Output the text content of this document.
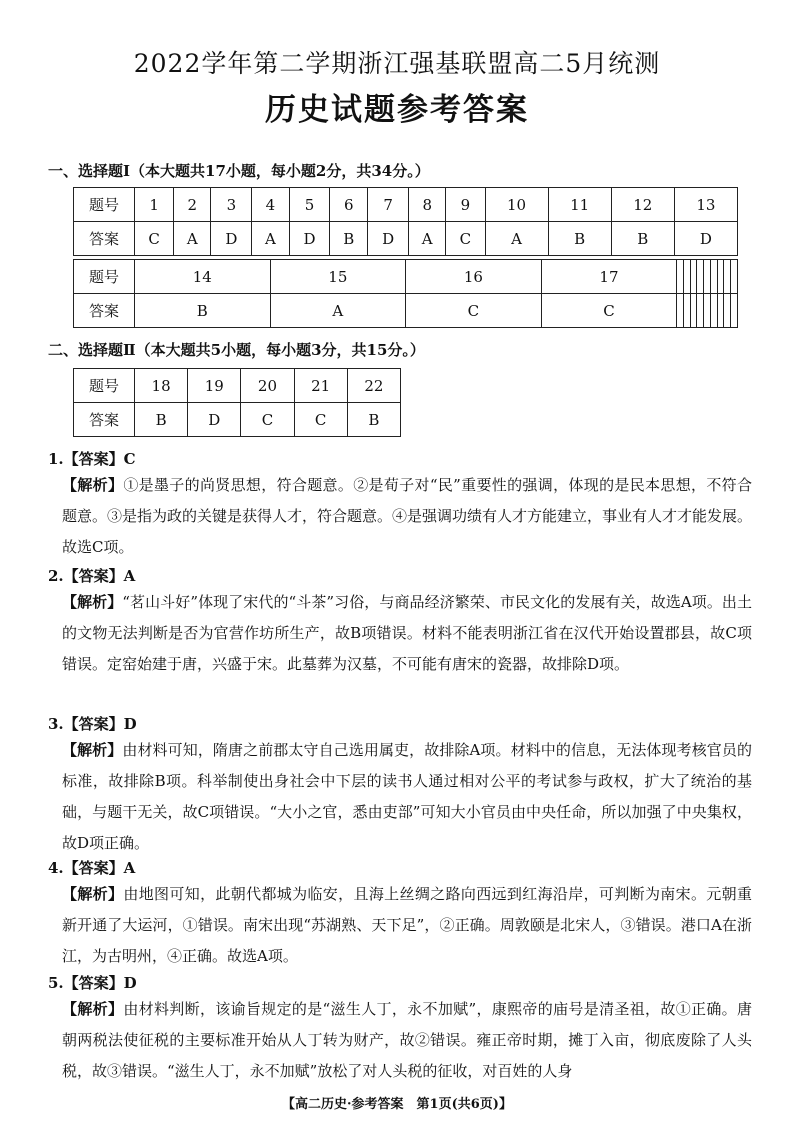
2022学年第二学期浙江强基联盟高二5月统测
历史试题参考答案
一、选择题Ⅰ（本大题共17小题，每小题2分，共34分。）
题号	1	2	3	4	5	6	7	8	9	10	11	12	13
答案	C	A	D	A	D	B	D	A	C	A	B	B	D
题号	14	15	16	17									
答案	B	A	C	C									
二、选择题Ⅱ（本大题共5小题，每小题3分，共15分。）
题号	18	19	20	21	22
答案	B	D	C	C	B
1.【答案】C
【解析】①是墨子的尚贤思想，符合题意。②是荀子对“民”重要性的强调，体现的是民本思想，不符合题意。③是指为政的关键是获得人才，符合题意。④是强调功绩有人才方能建立，事业有人才才能发展。故选C项。
2.【答案】A
【解析】“茗山斗好”体现了宋代的“斗茶”习俗，与商品经济繁荣、市民文化的发展有关，故选A项。出土的文物无法判断是否为官营作坊所生产，故B项错误。材料不能表明浙江省在汉代开始设置郡县，故C项错误。定窑始建于唐，兴盛于宋。此墓葬为汉墓，不可能有唐宋的瓷器，故排除D项。
3.【答案】D
【解析】由材料可知，隋唐之前郡太守自己选用属吏，故排除A项。材料中的信息，无法体现考核官员的标准，故排除B项。科举制使出身社会中下层的读书人通过相对公平的考试参与政权，扩大了统治的基础，与题干无关，故C项错误。“大小之官，悉由吏部”可知大小官员由中央任命，所以加强了中央集权，故D项正确。
4.【答案】A
【解析】由地图可知，此朝代都城为临安，且海上丝绸之路向西远到红海沿岸，可判断为南宋。元朝重新开通了大运河，①错误。南宋出现“苏湖熟、天下足”，②正确。周敦颐是北宋人，③错误。港口A在浙江，为古明州，④正确。故选A项。
5.【答案】D
【解析】由材料判断，该谕旨规定的是“滋生人丁，永不加赋”，康熙帝的庙号是清圣祖，故①正确。唐朝两税法使征税的主要标准开始从人丁转为财产，故②错误。雍正帝时期，摊丁入亩，彻底废除了人头税，故③错误。“滋生人丁，永不加赋”放松了对人头税的征收，对百姓的人身
【高二历史·参考答案　第1页(共6页)】
